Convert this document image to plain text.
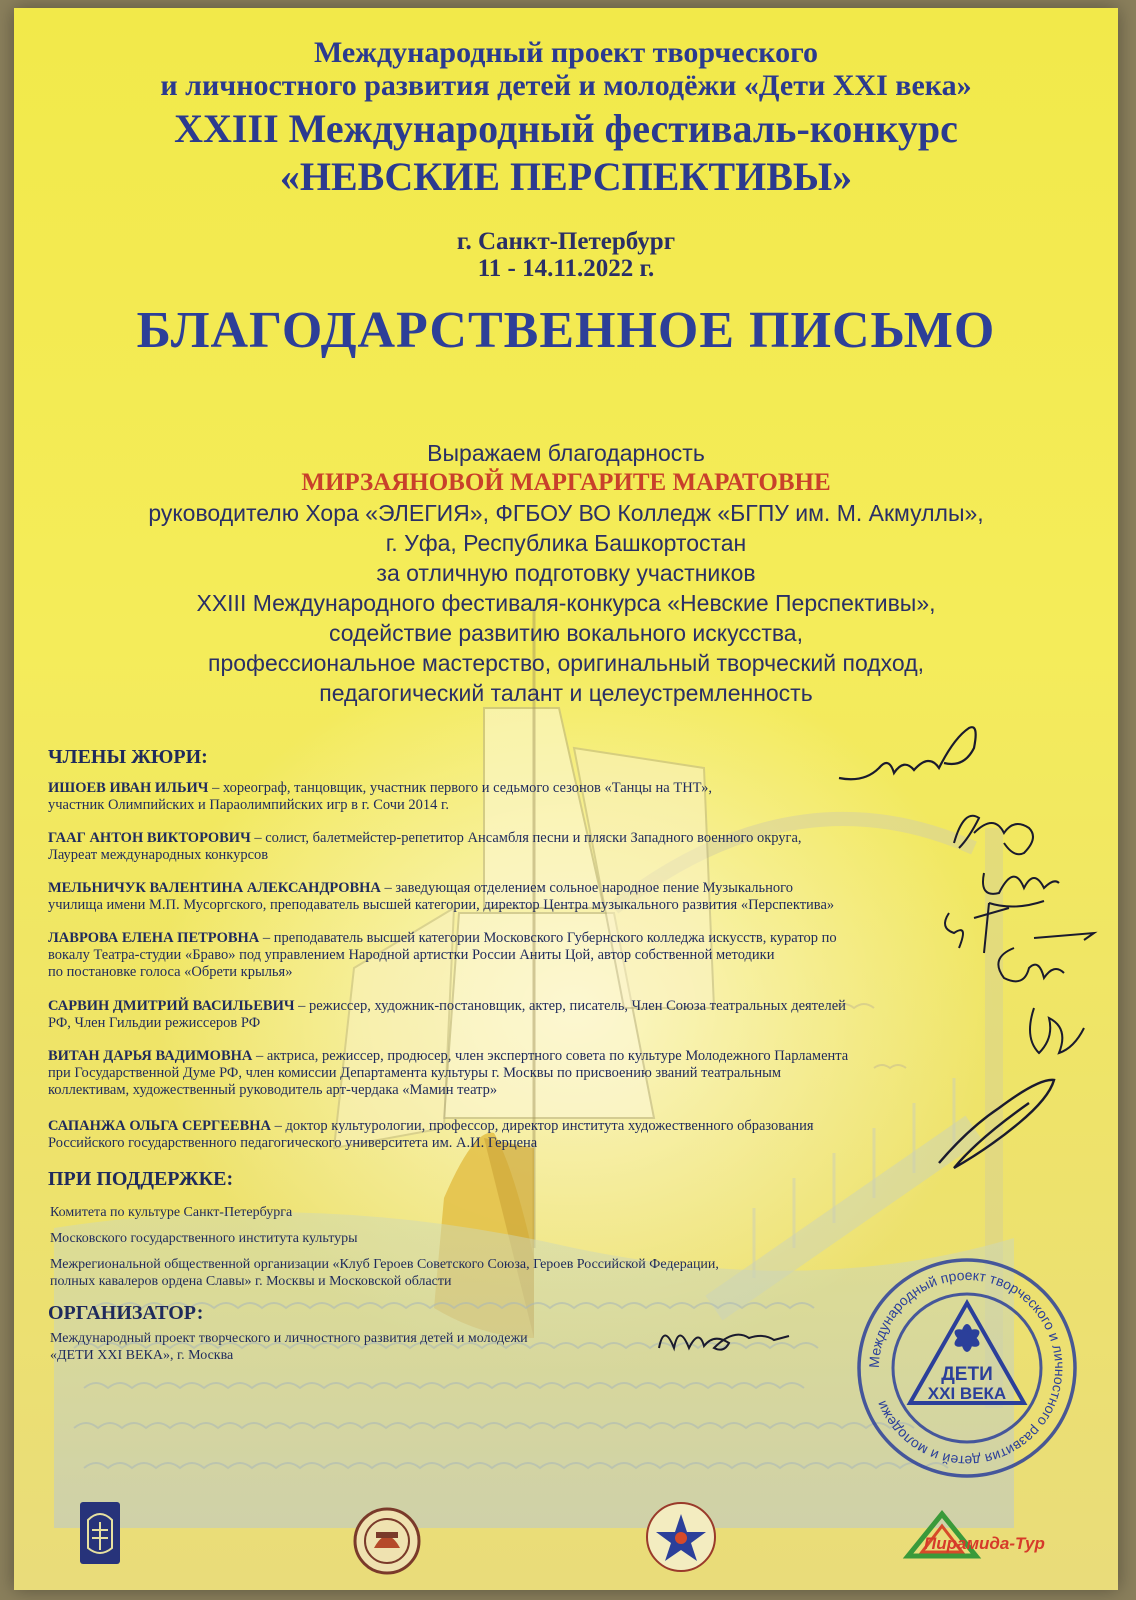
Международный проект творческого
и личностного развития детей и молодёжи «Дети XXI века»
XXIII Международный фестиваль-конкурс
«НЕВСКИЕ ПЕРСПЕКТИВЫ»
г. Санкт-Петербург
11 - 14.11.2022 г.
БЛАГОДАРСТВЕННОЕ ПИСЬМО
Выражаем благодарность
МИРЗАЯНОВОЙ МАРГАРИТЕ МАРАТОВНЕ
руководителю Хора «ЭЛЕГИЯ», ФГБОУ ВО Колледж «БГПУ им. М. Акмуллы»,
г. Уфа, Республика Башкортостан
за отличную подготовку участников
XXIII Международного фестиваля-конкурса «Невские Перспективы»,
содействие развитию вокального искусства,
профессиональное мастерство, оригинальный творческий подход,
педагогический талант и целеустремленность
ЧЛЕНЫ ЖЮРИ:
ИШОЕВ ИВАН ИЛЬИЧ – хореограф, танцовщик, участник первого и седьмого сезонов «Танцы на ТНТ»,
участник Олимпийских и Параолимпийских игр в г. Сочи 2014 г.
ГААГ АНТОН ВИКТОРОВИЧ – солист, балетмейстер-репетитор Ансамбля песни и пляски Западного военного округа,
Лауреат международных конкурсов
МЕЛЬНИЧУК ВАЛЕНТИНА АЛЕКСАНДРОВНА – заведующая отделением сольное народное пение Музыкального
училища имени М.П. Мусоргского, преподаватель высшей категории, директор Центра музыкального развития «Перспектива»
ЛАВРОВА ЕЛЕНА ПЕТРОВНА – преподаватель высшей категории Московского Губернского колледжа искусств, куратор по
вокалу Театра-студии «Браво» под управлением Народной артистки России Аниты Цой, автор собственной методики
по постановке голоса «Обрети крылья»
САРВИН ДМИТРИЙ ВАСИЛЬЕВИЧ – режиссер, художник-постановщик, актер, писатель, Член Союза театральных деятелей
РФ, Член Гильдии режиссеров РФ
ВИТАН ДАРЬЯ ВАДИМОВНА – актриса, режиссер, продюсер, член экспертного совета по культуре Молодежного Парламента
при Государственной Думе РФ, член комиссии Департамента культуры г. Москвы по присвоению званий театральным
коллективам, художественный руководитель арт-чердака «Мамин театр»
САПАНЖА ОЛЬГА СЕРГЕЕВНА – доктор культурологии, профессор, директор института художественного образования
Российского государственного педагогического университета им. А.И. Герцена
ПРИ ПОДДЕРЖКЕ:
Комитета по культуре Санкт-Петербурга
Московского государственного института культуры
Межрегиональной общественной организации «Клуб Героев Советского Союза, Героев Российской Федерации,
полных кавалеров ордена Славы» г. Москвы и Московской области
ОРГАНИЗАТОР:
Международный проект творческого и личностного развития детей и молодежи
«ДЕТИ XXI ВЕКА», г. Москва	Международный проект творческого и личностного развития детей и молодежи
ДЕТИ
XXI ВЕКА
Пирамида-Тур
